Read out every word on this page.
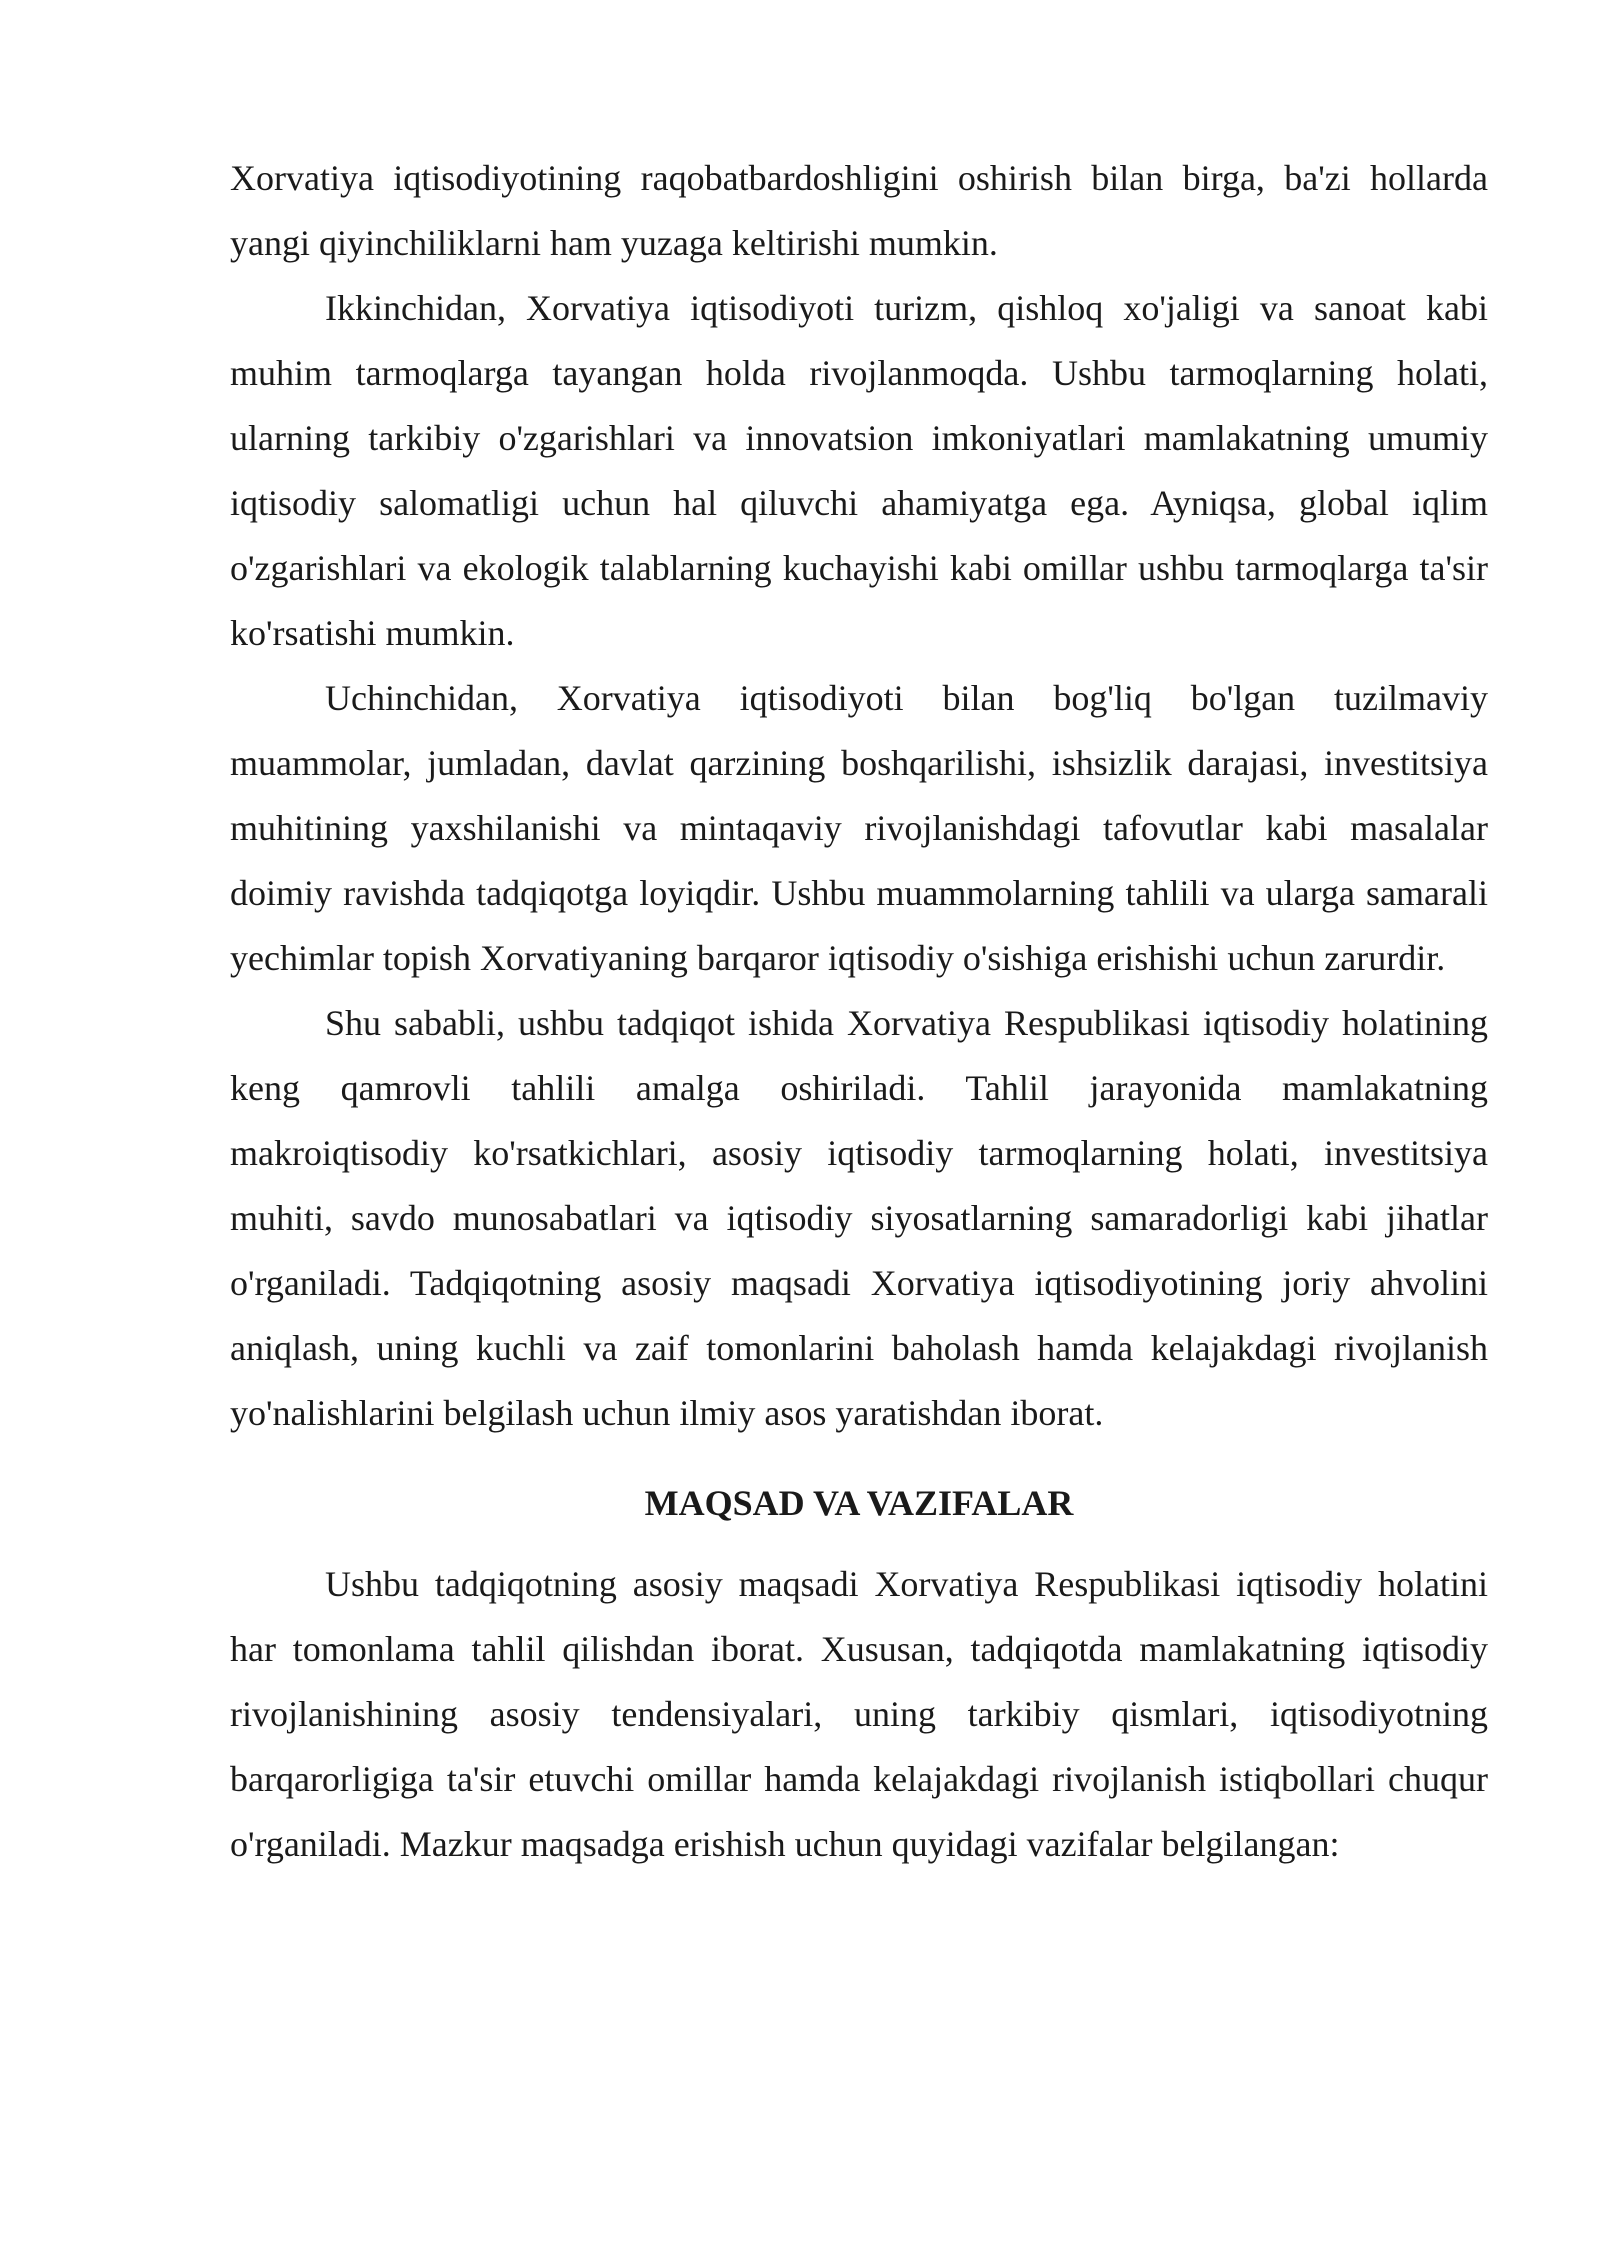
Xorvatiya iqtisodiyotining raqobatbardoshligini oshirish bilan birga, ba'zi hollarda yangi qiyinchiliklarni ham yuzaga keltirishi mumkin.

Ikkinchidan, Xorvatiya iqtisodiyoti turizm, qishloq xo'jaligi va sanoat kabi muhim tarmoqlarga tayangan holda rivojlanmoqda. Ushbu tarmoqlarning holati, ularning tarkibiy o'zgarishlari va innovatsion imkoniyatlari mamlakatning umumiy iqtisodiy salomatligi uchun hal qiluvchi ahamiyatga ega. Ayniqsa, global iqlim o'zgarishlari va ekologik talablarning kuchayishi kabi omillar ushbu tarmoqlarga ta'sir ko'rsatishi mumkin.

Uchinchidan, Xorvatiya iqtisodiyoti bilan bog'liq bo'lgan tuzilmaviy muammolar, jumladan, davlat qarzining boshqarilishi, ishsizlik darajasi, investitsiya muhitining yaxshilanishi va mintaqaviy rivojlanishdagi tafovutlar kabi masalalar doimiy ravishda tadqiqotga loyiqdir. Ushbu muammolarning tahlili va ularga samarali yechimlar topish Xorvatiyaning barqaror iqtisodiy o'sishiga erishishi uchun zarurdir.

Shu sababli, ushbu tadqiqot ishida Xorvatiya Respublikasi iqtisodiy holatining keng qamrovli tahlili amalga oshiriladi. Tahlil jarayonida mamlakatning makroiqtisodiy ko'rsatkichlari, asosiy iqtisodiy tarmoqlarning holati, investitsiya muhiti, savdo munosabatlari va iqtisodiy siyosatlarning samaradorligi kabi jihatlar o'rganiladi. Tadqiqotning asosiy maqsadi Xorvatiya iqtisodiyotining joriy ahvolini aniqlash, uning kuchli va zaif tomonlarini baholash hamda kelajakdagi rivojlanish yo'nalishlarini belgilash uchun ilmiy asos yaratishdan iborat.

MAQSAD VA VAZIFALAR

Ushbu tadqiqotning asosiy maqsadi Xorvatiya Respublikasi iqtisodiy holatini har tomonlama tahlil qilishdan iborat. Xususan, tadqiqotda mamlakatning iqtisodiy rivojlanishining asosiy tendensiyalari, uning tarkibiy qismlari, iqtisodiyotning barqarorligiga ta'sir etuvchi omillar hamda kelajakdagi rivojlanish istiqbollari chuqur o'rganiladi. Mazkur maqsadga erishish uchun quyidagi vazifalar belgilangan:
